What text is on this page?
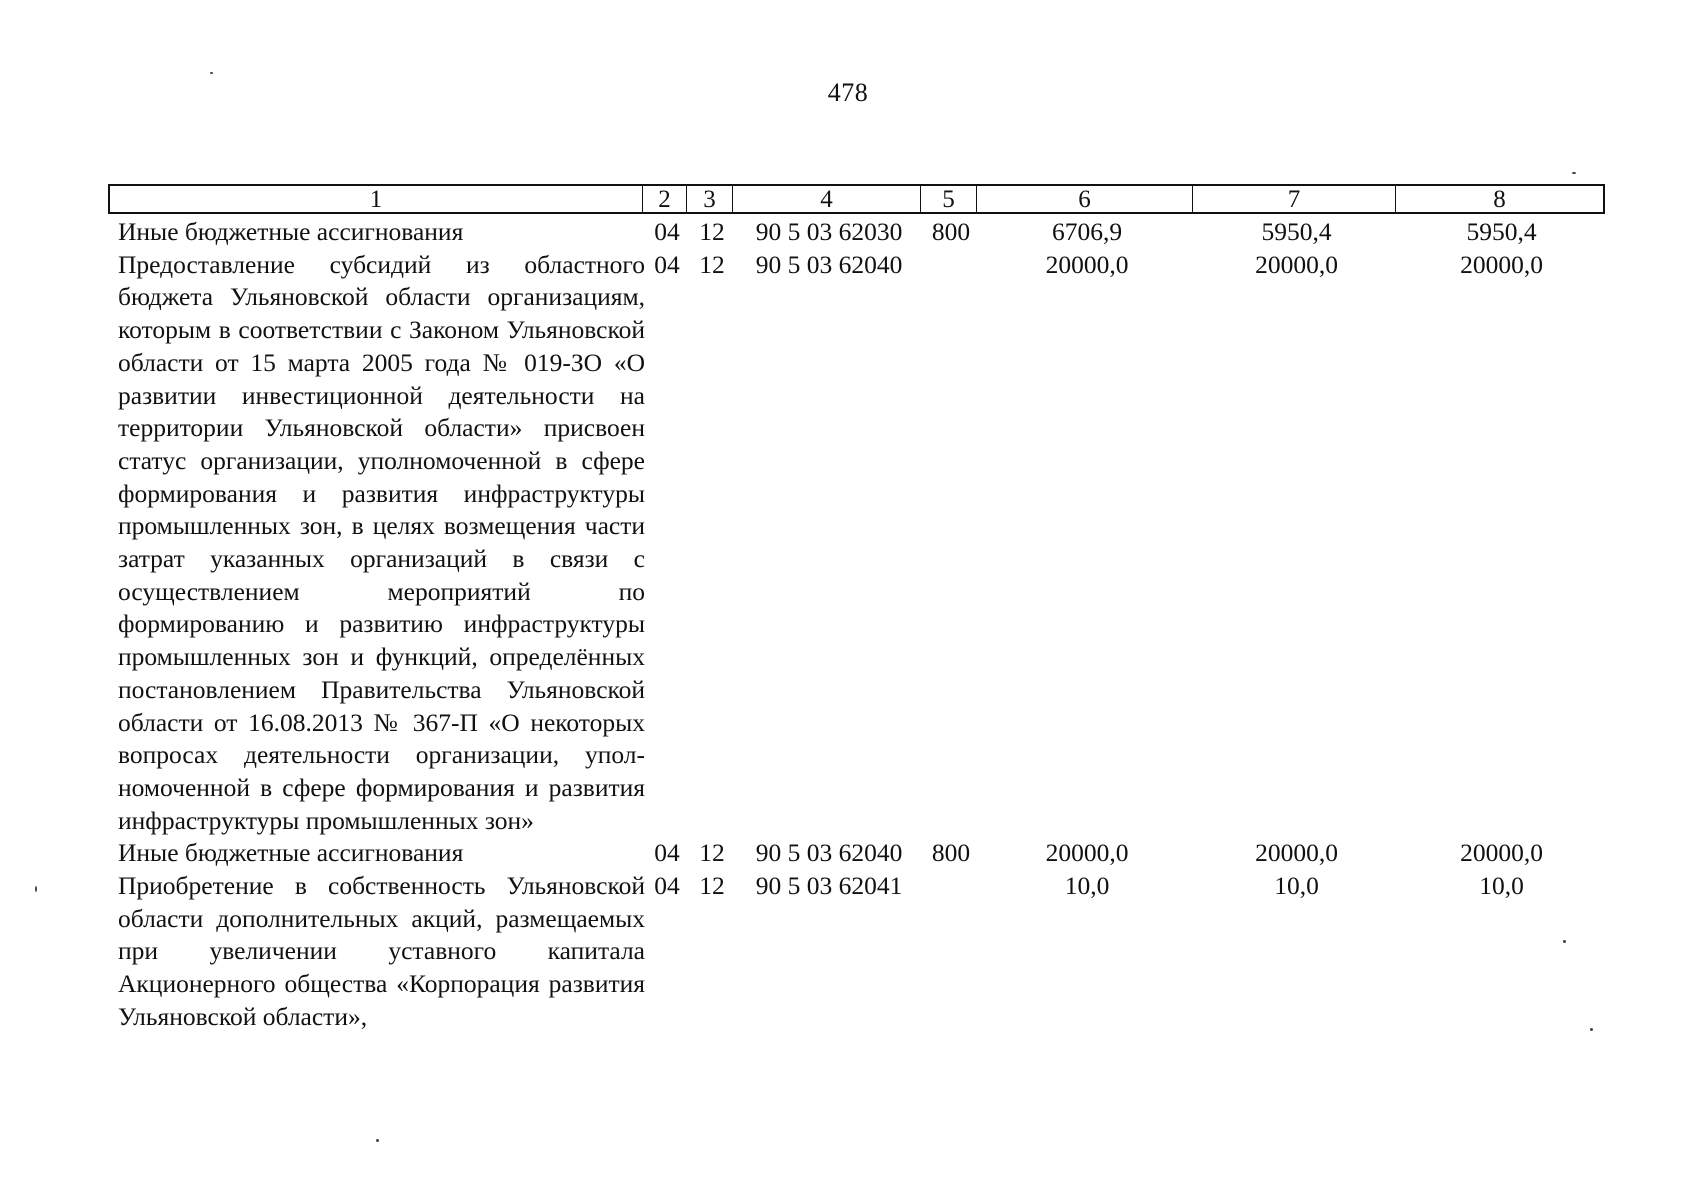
478
1	2	3	4	5	6	7	8
Иные бюджетные ассигнования	04	12	90 5 03 62030	800	6706,9	5950,4	5950,4
Предоставление субсидий из областного бюджета Ульяновской области организациям, которым в соответствии с Законом Ульяновской области от 15 марта 2005 года № 019-ЗО «О развитии инвестиционной деятельности на территории Ульяновской области» присвоен статус организации, уполномоченной в сфере формирования и развития инфраструктуры промышленных зон, в целях возмещения части затрат указанных организаций в связи с осуществлением мероприятий по формированию и развитию инфраструктуры промышленных зон и функций, определённых постановлением Правительства Ульяновской области от 16.08.2013 № 367-П «О некоторых вопросах деятельности организации, уполномоченной в сфере формирования и развития инфраструктуры промышленных зон»	04	12	90 5 03 62040		20000,0	20000,0	20000,0
Иные бюджетные ассигнования	04	12	90 5 03 62040	800	20000,0	20000,0	20000,0
Приобретение в собственность Ульяновской области дополнительных акций, размещаемых при увеличении уставного капитала Акционерного общества «Корпорация развития Ульяновской области»,	04	12	90 5 03 62041		10,0	10,0	10,0
